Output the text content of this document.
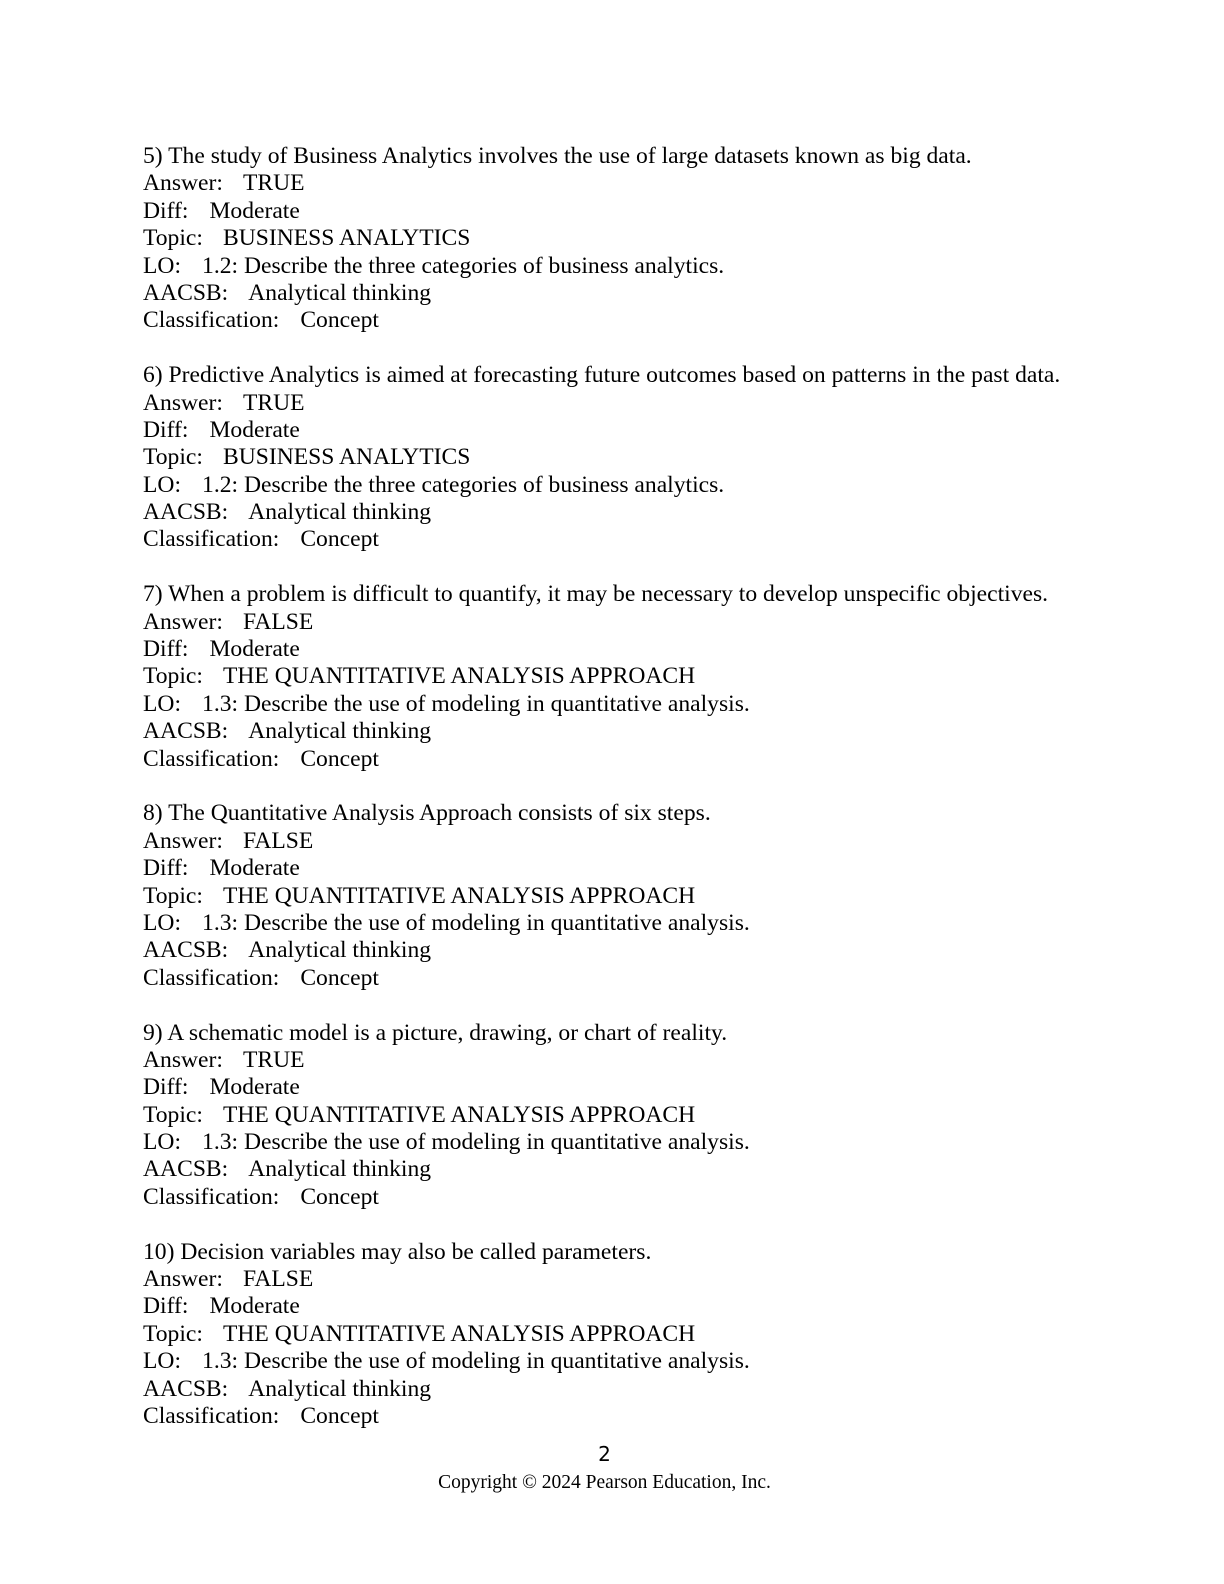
5) The study of Business Analytics involves the use of large datasets known as big data.
Answer: TRUE
Diff: Moderate
Topic: BUSINESS ANALYTICS
LO: 1.2: Describe the three categories of business analytics.
AACSB: Analytical thinking
Classification: Concept
6) Predictive Analytics is aimed at forecasting future outcomes based on patterns in the past data.
Answer: TRUE
Diff: Moderate
Topic: BUSINESS ANALYTICS
LO: 1.2: Describe the three categories of business analytics.
AACSB: Analytical thinking
Classification: Concept
7) When a problem is difficult to quantify, it may be necessary to develop unspecific objectives.
Answer: FALSE
Diff: Moderate
Topic: THE QUANTITATIVE ANALYSIS APPROACH
LO: 1.3: Describe the use of modeling in quantitative analysis.
AACSB: Analytical thinking
Classification: Concept
8) The Quantitative Analysis Approach consists of six steps.
Answer: FALSE
Diff: Moderate
Topic: THE QUANTITATIVE ANALYSIS APPROACH
LO: 1.3: Describe the use of modeling in quantitative analysis.
AACSB: Analytical thinking
Classification: Concept
9) A schematic model is a picture, drawing, or chart of reality.
Answer: TRUE
Diff: Moderate
Topic: THE QUANTITATIVE ANALYSIS APPROACH
LO: 1.3: Describe the use of modeling in quantitative analysis.
AACSB: Analytical thinking
Classification: Concept
10) Decision variables may also be called parameters.
Answer: FALSE
Diff: Moderate
Topic: THE QUANTITATIVE ANALYSIS APPROACH
LO: 1.3: Describe the use of modeling in quantitative analysis.
AACSB: Analytical thinking
Classification: Concept
2
Copyright © 2024 Pearson Education, Inc.
